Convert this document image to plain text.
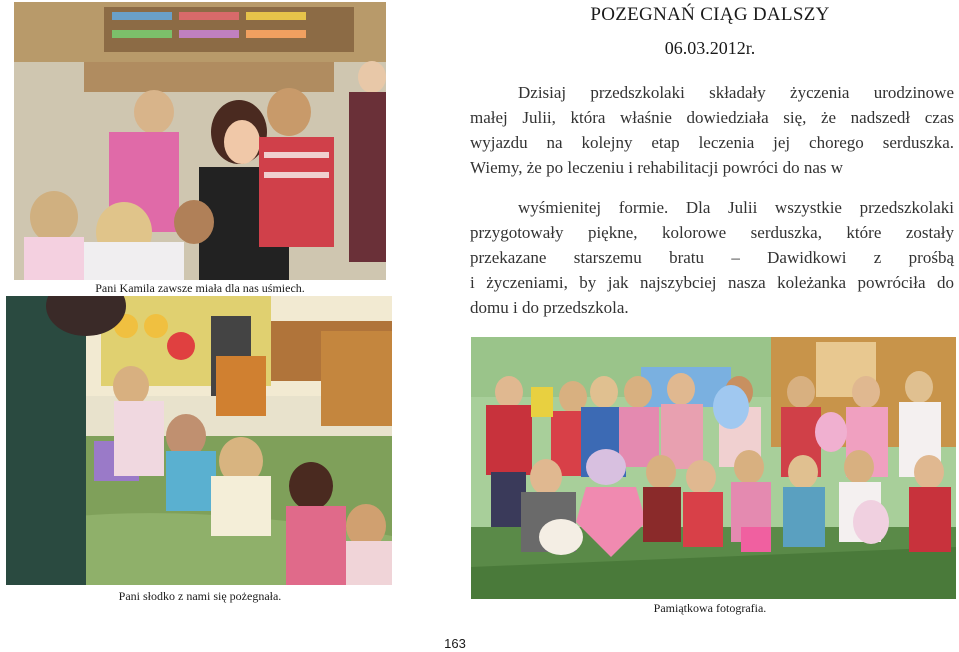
Pani Kamila zawsze miała dla nas uśmiech.
Pani słodko z nami się pożegnała.
POZEGNAŃ CIĄG DALSZY
06.03.2012r.
Dzisiaj przedszkolaki składały życzenia urodzinowe
małej Julii, która właśnie dowiedziała się, że nadszedł czas
wyjazdu na kolejny etap leczenia jej chorego serduszka.
Wiemy, że po leczeniu i rehabilitacji powróci do nas w
wyśmienitej formie. Dla Julii wszystkie przedszkolaki
przygotowały piękne, kolorowe serduszka, które zostały
przekazane starszemu bratu – Dawidkowi z prośbą
i życzeniami, by jak najszybciej nasza koleżanka powróciła do
domu i do przedszkola.
Pamiątkowa fotografia.
163
